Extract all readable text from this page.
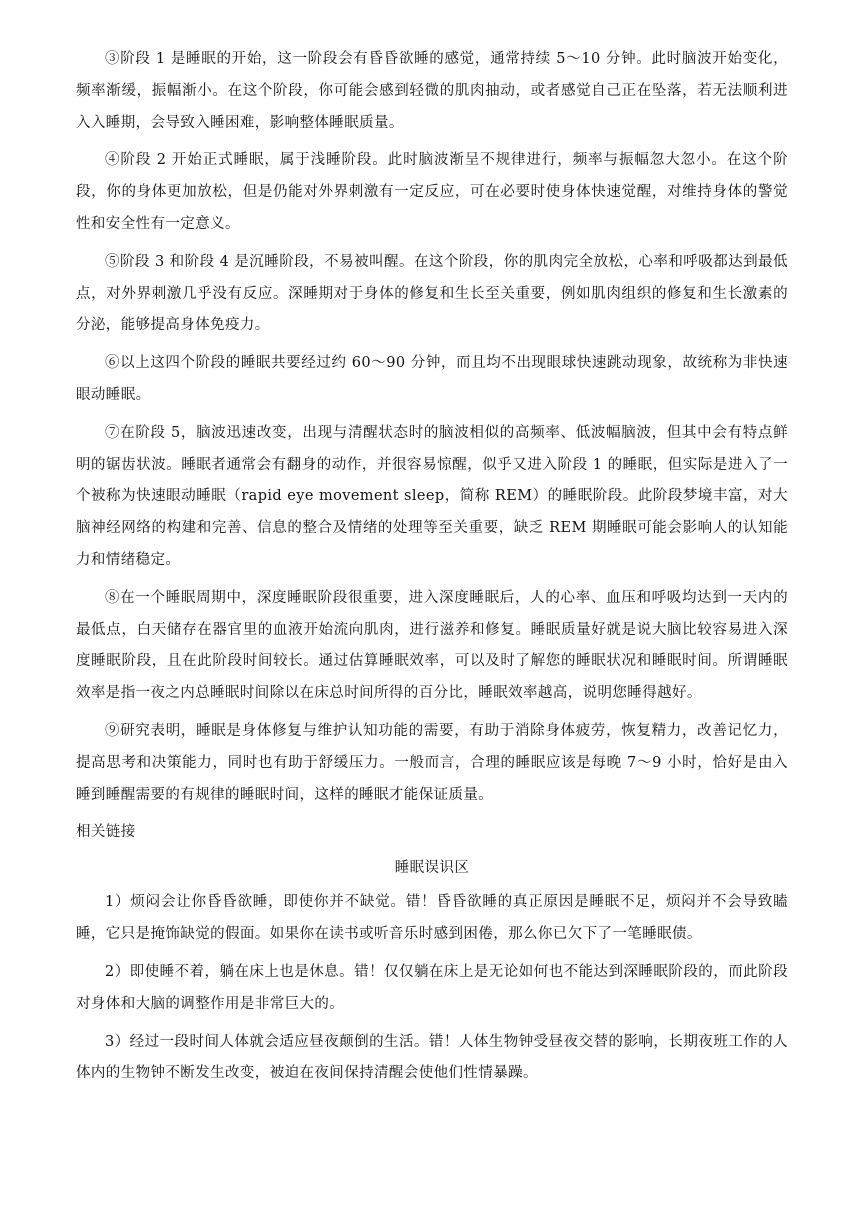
③阶段 1 是睡眠的开始，这一阶段会有昏昏欲睡的感觉，通常持续 5～10 分钟。此时脑波开始变化，频率渐缓，振幅渐小。在这个阶段，你可能会感到轻微的肌肉抽动，或者感觉自己正在坠落，若无法顺利进入入睡期，会导致入睡困难，影响整体睡眠质量。

④阶段 2 开始正式睡眠，属于浅睡阶段。此时脑波渐呈不规律进行，频率与振幅忽大忽小。在这个阶段，你的身体更加放松，但是仍能对外界刺激有一定反应，可在必要时使身体快速觉醒，对维持身体的警觉性和安全性有一定意义。

⑤阶段 3 和阶段 4 是沉睡阶段，不易被叫醒。在这个阶段，你的肌肉完全放松，心率和呼吸都达到最低点，对外界刺激几乎没有反应。深睡期对于身体的修复和生长至关重要，例如肌肉组织的修复和生长激素的分泌，能够提高身体免疫力。

⑥以上这四个阶段的睡眠共要经过约 60～90 分钟，而且均不出现眼球快速跳动现象，故统称为非快速眼动睡眠。

⑦在阶段 5，脑波迅速改变，出现与清醒状态时的脑波相似的高频率、低波幅脑波，但其中会有特点鲜明的锯齿状波。睡眠者通常会有翻身的动作，并很容易惊醒，似乎又进入阶段 1 的睡眠，但实际是进入了一个被称为快速眼动睡眠（rapid eye movement sleep，简称 REM）的睡眠阶段。此阶段梦境丰富，对大脑神经网络的构建和完善、信息的整合及情绪的处理等至关重要，缺乏 REM 期睡眠可能会影响人的认知能力和情绪稳定。

⑧在一个睡眠周期中，深度睡眠阶段很重要，进入深度睡眠后，人的心率、血压和呼吸均达到一天内的最低点，白天储存在器官里的血液开始流向肌肉，进行滋养和修复。睡眠质量好就是说大脑比较容易进入深度睡眠阶段，且在此阶段时间较长。通过估算睡眠效率，可以及时了解您的睡眠状况和睡眠时间。所谓睡眠效率是指一夜之内总睡眠时间除以在床总时间所得的百分比，睡眠效率越高，说明您睡得越好。

⑨研究表明，睡眠是身体修复与维护认知功能的需要，有助于消除身体疲劳，恢复精力，改善记忆力，提高思考和决策能力，同时也有助于舒缓压力。一般而言，合理的睡眠应该是每晚 7～9 小时，恰好是由入睡到睡醒需要的有规律的睡眠时间，这样的睡眠才能保证质量。

相关链接

睡眠误识区

1）烦闷会让你昏昏欲睡，即使你并不缺觉。错！昏昏欲睡的真正原因是睡眠不足，烦闷并不会导致瞌睡，它只是掩饰缺觉的假面。如果你在读书或听音乐时感到困倦，那么你已欠下了一笔睡眠债。

2）即使睡不着，躺在床上也是休息。错！仅仅躺在床上是无论如何也不能达到深睡眠阶段的，而此阶段对身体和大脑的调整作用是非常巨大的。

3）经过一段时间人体就会适应昼夜颠倒的生活。错！人体生物钟受昼夜交替的影响，长期夜班工作的人体内的生物钟不断发生改变，被迫在夜间保持清醒会使他们性情暴躁。
